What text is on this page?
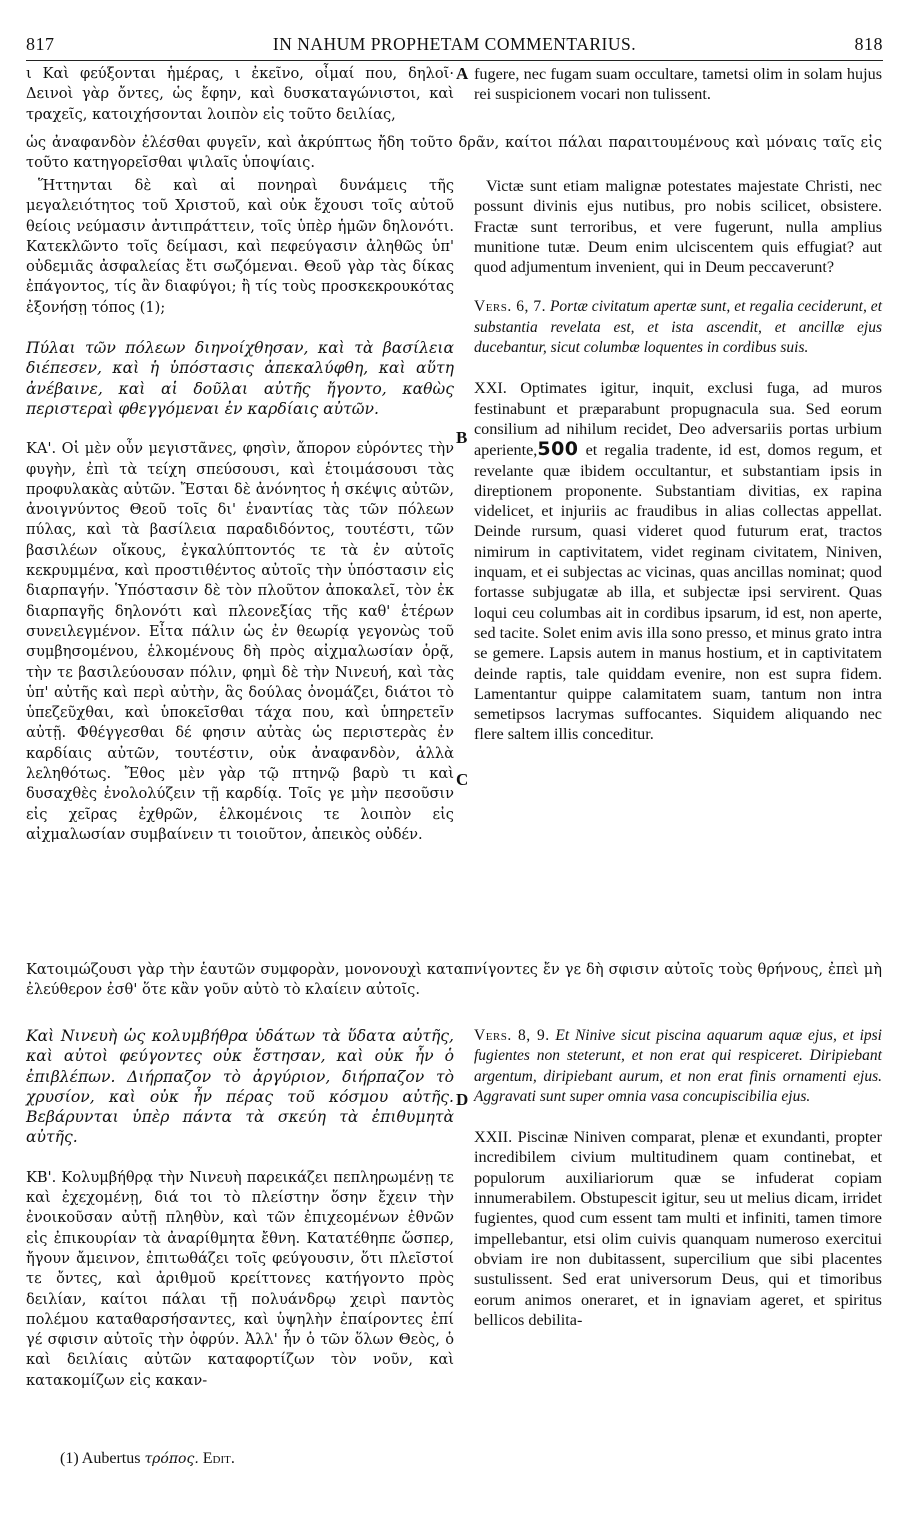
817	IN NAHUM PROPHETAM COMMENTARIUS.	818

ι Καὶ φεύξονται ἡμέρας, ι ἐκεῖνο, οἶμαί που, δηλοῖ· Δεινοὶ γὰρ ὄντες, ὡς ἔφην, καὶ δυσκαταγώνιστοι, καὶ τραχεῖς, κατοιχήσονται λοιπὸν εἰς τοῦτο δειλίας,

fugere, nec fugam suam occultare, tametsi olim in solam hujus rei suspicionem vocari non tulissent.

ὡς ἀναφανδὸν ἐλέσθαι φυγεῖν, καὶ ἀκρύπτως ἤδη τοῦτο δρᾶν, καίτοι πάλαι παραιτουμένους καὶ μόναις ταῖς εἰς τοῦτο κατηγορεῖσθαι ψιλαῖς ὑποψίαις.

Ἥττηνται δὲ καὶ αἱ πονηραὶ δυνάμεις τῆς μεγαλειότητος τοῦ Χριστοῦ, καὶ οὐκ ἔχουσι τοῖς αὐτοῦ θείοις νεύμασιν ἀντιπράττειν, τοῖς ὑπὲρ ἡμῶν δηλονότι. Κατεκλῶντο τοῖς δείμασι, καὶ πεφεύγασιν ἀληθῶς ὑπ' οὐδεμιᾶς ἀσφαλείας ἔτι σωζόμεναι. Θεοῦ γὰρ τὰς δίκας ἐπάγοντος, τίς ἂν διαφύγοι; ἢ τίς τοὺς προσκεκρουκότας ἐξονήσῃ τόπος (1);

Πύλαι τῶν πόλεων διηνοίχθησαν, καὶ τὰ βασίλεια διέπεσεν, καὶ ἡ ὑπόστασις ἀπεκαλύφθη, καὶ αὕτη ἀνέβαινε, καὶ αἱ δοῦλαι αὐτῆς ἤγοντο, καθὼς περιστεραὶ φθεγγόμεναι ἐν καρδίαις αὐτῶν.

ΚΑ'. Οἱ μὲν οὖν μεγιστᾶνες, φησὶν, ἄπορον εὑρόντες τὴν φυγὴν, ἐπὶ τὰ τείχη σπεύσουσι, καὶ ἑτοιμάσουσι τὰς προφυλακὰς αὐτῶν. Ἔσται δὲ ἀνόνητος ἡ σκέψις αὐτῶν, ἀνοιγνύντος Θεοῦ τοῖς δι' ἐναντίας τὰς τῶν πόλεων πύλας, καὶ τὰ βασίλεια παραδιδόντος, τουτέστι, τῶν βασιλέων οἴκους, ἐγκαλύπτοντός τε τὰ ἐν αὐτοῖς κεκρυμμένα, καὶ προστιθέντος αὐτοῖς τὴν ὑπόστασιν εἰς διαρπαγήν. Ὑπόστασιν δὲ τὸν πλοῦτον ἀποκαλεῖ, τὸν ἐκ διαρπαγῆς δηλονότι καὶ πλεονεξίας τῆς καθ' ἑτέρων συνειλεγμένον. Εἶτα πάλιν ὡς ἐν θεωρίᾳ γεγονὼς τοῦ συμβησομένου, ἑλκομένους δὴ πρὸς αἰχμαλωσίαν ὁρᾷ, τὴν τε βασιλεύουσαν πόλιν, φημὶ δὲ τὴν Νινευή, καὶ τὰς ὑπ' αὐτῆς καὶ περὶ αὐτὴν, ἃς δούλας ὀνομάζει, διάτοι τὸ ὑπεζεῦχθαι, καὶ ὑποκεῖσθαι τάχα που, καὶ ὑπηρετεῖν αὐτῇ. Φθέγγεσθαι δέ φησιν αὐτὰς ὡς περιστερὰς ἐν καρδίαις αὐτῶν, τουτέστιν, οὐκ ἀναφανδὸν, ἀλλὰ λεληθότως. Ἔθος μὲν γὰρ τῷ πτηνῷ βαρὺ τι καὶ δυσαχθὲς ἐνολολύζειν τῇ καρδίᾳ. Τοῖς γε μὴν πεσοῦσιν εἰς χεῖρας ἐχθρῶν, ἑλκομένοις τε λοιπὸν εἰς αἰχμαλωσίαν συμβαίνειν τι τοιοῦτον, ἀπεικὸς οὐδέν.

Victæ sunt etiam malignæ potestates majestate Christi, nec possunt divinis ejus nutibus, pro nobis scilicet, obsistere. Fractæ sunt terroribus, et vere fugerunt, nulla amplius munitione tutæ. Deum enim ulciscentem quis effugiat? aut quod adjumentum invenient, qui in Deum peccaverunt?

Vers. 6, 7. Portæ civitatum apertæ sunt, et regalia ceciderunt, et substantia revelata est, et ista ascendit, et ancillæ ejus ducebantur, sicut columbæ loquentes in cordibus suis.

XXI. Optimates igitur, inquit, exclusi fuga, ad muros festinabunt et præparabunt propugnacula sua. Sed eorum consilium ad nihilum recidet, Deo adversariis portas urbium aperiente,500 et regalia tradente, id est, domos regum, et revelante quæ ibidem occultantur, et substantiam ipsis in direptionem proponente. Substantiam divitias, ex rapina videlicet, et injuriis ac fraudibus in alias collectas appellat. Deinde rursum, quasi videret quod futurum erat, tractos nimirum in captivitatem, videt reginam civitatem, Niniven, inquam, et ei subjectas ac vicinas, quas ancillas nominat; quod fortasse subjugatæ ab illa, et subjectæ ipsi servirent. Quas loqui ceu columbas ait in cordibus ipsarum, id est, non aperte, sed tacite. Solet enim avis illa sono presso, et minus grato intra se gemere. Lapsis autem in manus hostium, et in captivitatem deinde raptis, tale quiddam evenire, non est supra fidem. Lamentantur quippe calamitatem suam, tantum non intra semetipsos lacrymas suffocantes. Siquidem aliquando nec flere saltem illis conceditur.

Κατοιμώζουσι γὰρ τὴν ἑαυτῶν συμφορὰν, μονονουχὶ καταπνίγοντες ἔν γε δὴ σφισιν αὐτοῖς τοὺς θρήνους, ἐπεὶ μὴ ἐλεύθερον ἐσθ' ὅτε κἂν γοῦν αὐτὸ τὸ κλαίειν αὐτοῖς.

Καὶ Νινευὴ ὡς κολυμβήθρα ὑδάτων τὰ ὕδατα αὐτῆς, καὶ αὐτοὶ φεύγοντες οὐκ ἔστησαν, καὶ οὐκ ἦν ὁ ἐπιβλέπων. Διήρπαζον τὸ ἀργύριον, διήρπαζον τὸ χρυσίον, καὶ οὐκ ἦν πέρας τοῦ κόσμου αὐτῆς. Βεβάρυνται ὑπὲρ πάντα τὰ σκεύη τὰ ἐπιθυμητὰ αὐτῆς.

ΚΒ'. Κολυμβήθρᾳ τὴν Νινευὴ παρεικάζει πεπληρωμένῃ τε καὶ ἐχεχομένῃ, διά τοι τὸ πλείστην ὅσην ἔχειν τὴν ἐνοικοῦσαν αὐτῇ πληθὺν, καὶ τῶν ἐπιχεομένων ἐθνῶν εἰς ἐπικουρίαν τὰ ἀναρίθμητα ἔθνη. Κατατέθηπε ὥσπερ, ἤγουν ἄμεινον, ἐπιτωθάζει τοῖς φεύγουσιν, ὅτι πλεῖστοί τε ὄντες, καὶ ἀριθμοῦ κρείττονες κατήγοντο πρὸς δειλίαν, καίτοι πάλαι τῇ πολυάνδρῳ χειρὶ παντὸς πολέμου καταθαρσήσαντες, καὶ ὑψηλὴν ἐπαίροντες ἐπί γέ σφισιν αὐτοῖς τὴν ὀφρύν. Ἀλλ' ἦν ὁ τῶν ὅλων Θεὸς, ὁ καὶ δειλίαις αὐτῶν καταφορτίζων τὸν νοῦν, καὶ κατακομίζων εἰς κακαν-

Vers. 8, 9. Et Ninive sicut piscina aquarum aquæ ejus, et ipsi fugientes non steterunt, et non erat qui respiceret. Diripiebant argentum, diripiebant aurum, et non erat finis ornamenti ejus. Aggravati sunt super omnia vasa concupiscibilia ejus.

XXII. Piscinæ Niniven comparat, plenæ et exundanti, propter incredibilem civium multitudinem quam continebat, et populorum auxiliariorum quæ se infuderat copiam innumerabilem. Obstupescit igitur, seu ut melius dicam, irridet fugientes, quod cum essent tam multi et infiniti, tamen timore impellebantur, etsi olim cuivis quanquam numeroso exercitui obviam ire non dubitassent, supercilium que sibi placentes sustulissent. Sed erat universorum Deus, qui et timoribus eorum animos oneraret, et in ignaviam ageret, et spiritus bellicos debilita-

A
B
C
D
(1) Aubertus τρόπος. Edit.
